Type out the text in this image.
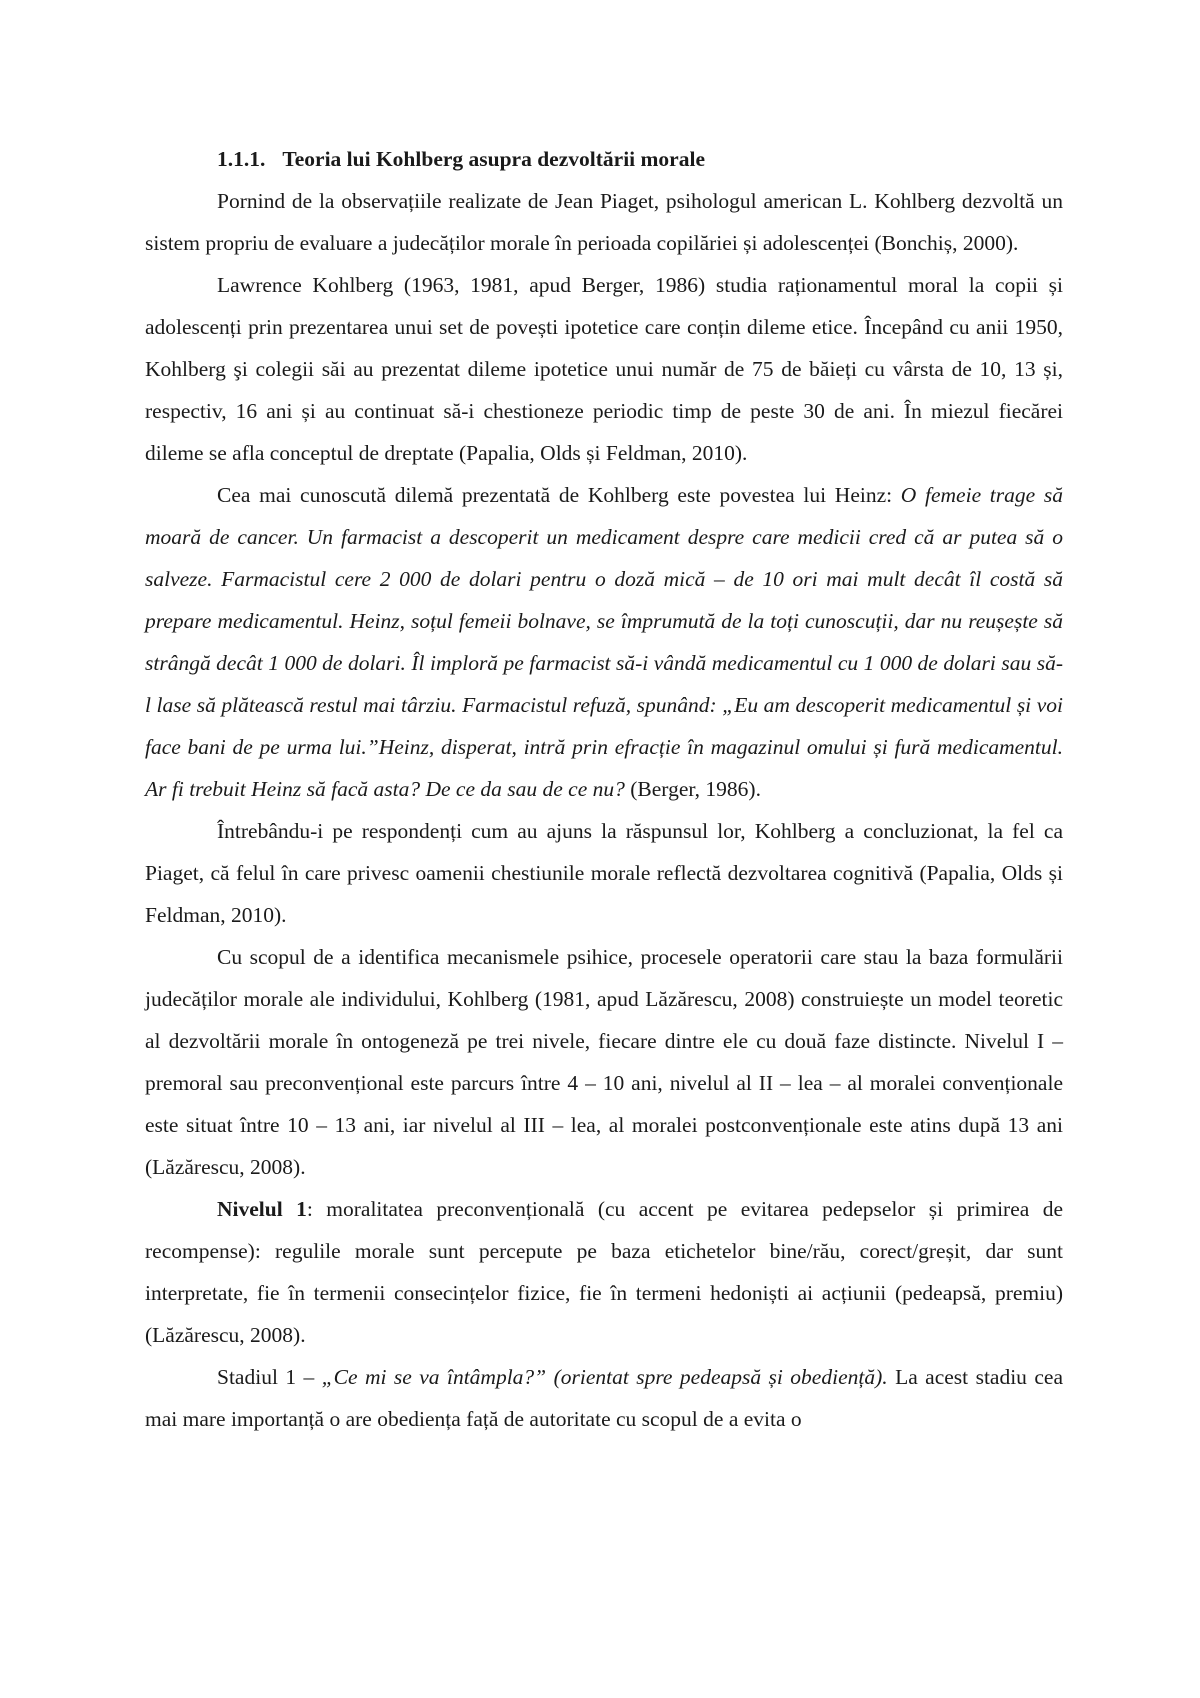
1.1.1. Teoria lui Kohlberg asupra dezvoltării morale

Pornind de la observațiile realizate de Jean Piaget, psihologul american L. Kohlberg dezvoltă un sistem propriu de evaluare a judecăților morale în perioada copilăriei și adolescenței (Bonchiș, 2000).

Lawrence Kohlberg (1963, 1981, apud Berger, 1986) studia raționamentul moral la copii și adolescenți prin prezentarea unui set de povești ipotetice care conțin dileme etice. Începând cu anii 1950, Kohlberg şi colegii săi au prezentat dileme ipotetice unui număr de 75 de băieți cu vârsta de 10, 13 și, respectiv, 16 ani și au continuat să-i chestioneze periodic timp de peste 30 de ani. În miezul fiecărei dileme se afla conceptul de dreptate (Papalia, Olds și Feldman, 2010).

Cea mai cunoscută dilemă prezentată de Kohlberg este povestea lui Heinz: O femeie trage să moară de cancer. Un farmacist a descoperit un medicament despre care medicii cred că ar putea să o salveze. Farmacistul cere 2 000 de dolari pentru o doză mică – de 10 ori mai mult decât îl costă să prepare medicamentul. Heinz, soțul femeii bolnave, se împrumută de la toți cunoscuții, dar nu reușește să strângă decât 1 000 de dolari. Îl imploră pe farmacist să-i vândă medicamentul cu 1 000 de dolari sau să-l lase să plătească restul mai târziu. Farmacistul refuză, spunând: „Eu am descoperit medicamentul și voi face bani de pe urma lui.”Heinz, disperat, intră prin efracție în magazinul omului și fură medicamentul. Ar fi trebuit Heinz să facă asta? De ce da sau de ce nu? (Berger, 1986).

Întrebându-i pe respondenți cum au ajuns la răspunsul lor, Kohlberg a concluzionat, la fel ca Piaget, că felul în care privesc oamenii chestiunile morale reflectă dezvoltarea cognitivă (Papalia, Olds și Feldman, 2010).

Cu scopul de a identifica mecanismele psihice, procesele operatorii care stau la baza formulării judecăților morale ale individului, Kohlberg (1981, apud Lăzărescu, 2008) construiește un model teoretic al dezvoltării morale în ontogeneză pe trei nivele, fiecare dintre ele cu două faze distincte. Nivelul I – premoral sau preconvențional este parcurs între 4 – 10 ani, nivelul al II – lea – al moralei convenționale este situat între 10 – 13 ani, iar nivelul al III – lea, al moralei postconvenționale este atins după 13 ani (Lăzărescu, 2008).

Nivelul 1: moralitatea preconvențională (cu accent pe evitarea pedepselor și primirea de recompense): regulile morale sunt percepute pe baza etichetelor bine/rău, corect/greșit, dar sunt interpretate, fie în termenii consecințelor fizice, fie în termeni hedoniști ai acțiunii (pedeapsă, premiu) (Lăzărescu, 2008).

Stadiul 1 – „Ce mi se va întâmpla?” (orientat spre pedeapsă și obediență). La acest stadiu cea mai mare importanță o are obediența față de autoritate cu scopul de a evita o
